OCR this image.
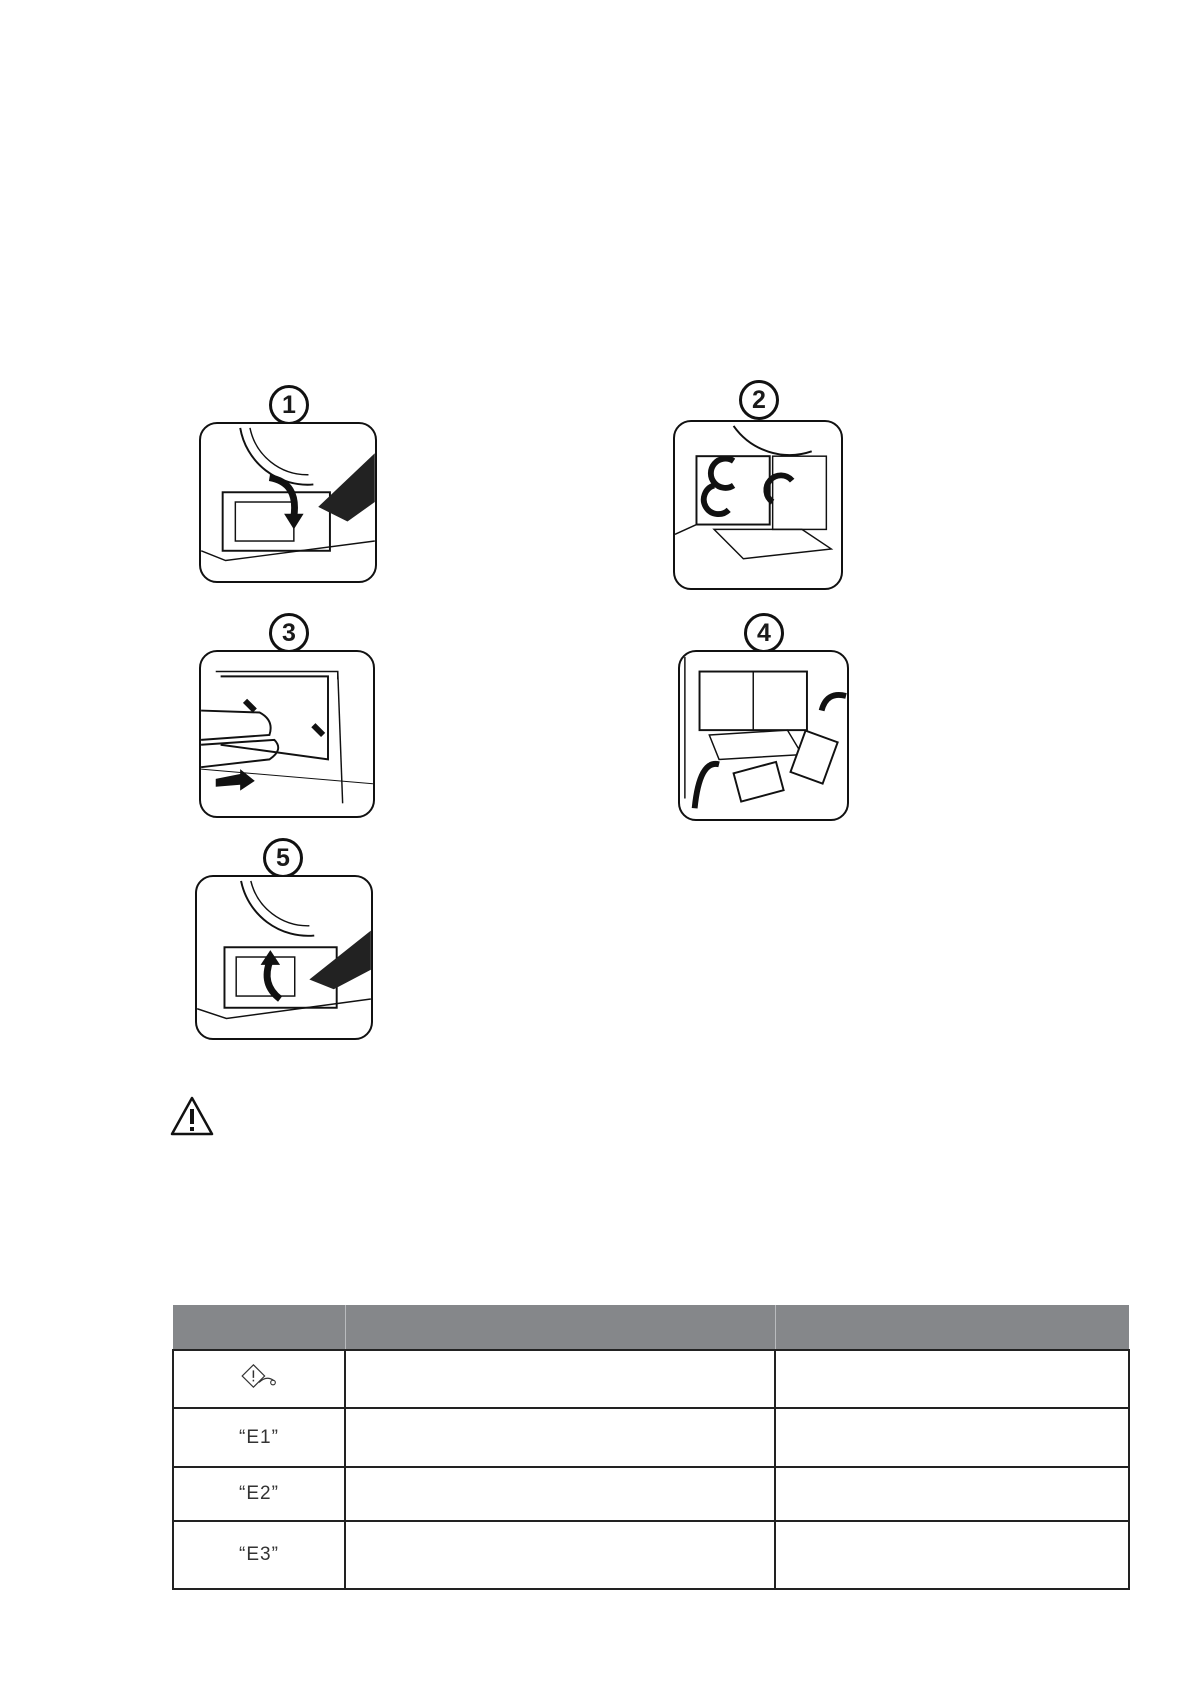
1	2
3	4
5

“E1”		
“E2”		
“E3”		
